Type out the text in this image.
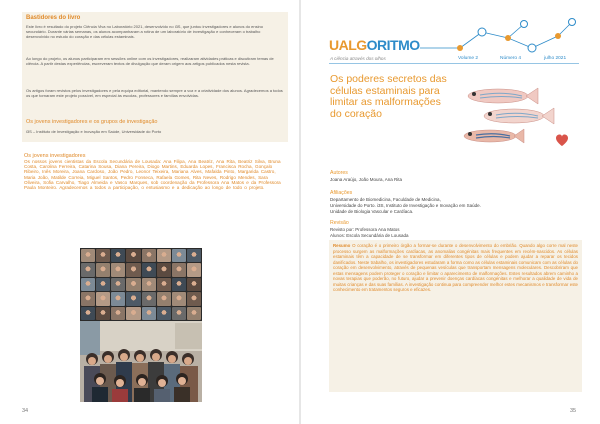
Bastidores do livro
Este livro é resultado do projeto Ciência Viva no Laboratório 2021, desenvolvido no i3S, que juntou investigadores e alunos do ensino secundário. Durante várias semanas, os alunos acompanharam a rotina de um laboratório de investigação e conheceram o trabalho desenvolvido no estudo do coração e das células estaminais.
Ao longo do projeto, os alunos participaram em sessões online com os investigadores, realizaram atividades práticas e discutiram temas de ciência. A partir destas experiências, escreveram textos de divulgação que deram origem aos artigos publicados nesta revista.
Os artigos foram revistos pelos investigadores e pela equipa editorial, mantendo sempre a voz e a criatividade dos alunos. Agradecemos a todos os que tornaram este projeto possível, em especial às escolas, professores e famílias envolvidas.
Os jovens investigadores e os grupos de investigação
i3S – Instituto de Investigação e Inovação em Saúde, Universidade do Porto
Os jovens investigadores
Os nossos jovens cientistas da Escola Secundária de Lousada: Ana Filipa, Ana Beatriz, Ana Rita, Beatriz Silva, Bruna Costa, Carolina Ferreira, Catarina Sousa, Diana Pereira, Diogo Martins, Eduarda Lopes, Francisca Rocha, Gonçalo Ribeiro, Inês Moreira, Joana Cardoso, João Pedro, Leonor Teixeira, Mariana Alves, Mafalda Pinto, Margarida Castro, Maria João, Matilde Correia, Miguel Santos, Pedro Fonseca, Rafaela Gomes, Rita Neves, Rodrigo Mendes, Sara Oliveira, Sofia Carvalho, Tiago Almeida e Vasco Marques, sob coordenação da Professora Ana Matos e da Professora Paula Monteiro. Agradecemos a todos a participação, o entusiasmo e a dedicação ao longo de todo o projeto.
34
UALG ORITMO
A ciência através dos olhos	Volume 2	Número 4	julho 2021
Os poderes secretos das células estaminais para limitar as malformações do coração
Autores
Joana Araújo, João Moura, Ana Rita
Afiliações
Departamento de Biomedicina, Faculdade de Medicina,
Universidade do Porto. i3S, Instituto de Investigação e Inovação em Saúde.
Unidade de Biologia Vascular e Cardíaca.
Revisão
Revisto por: Professora Ana Matos
Alunos: Escola Secundária de Lousada
Resumo O coração é o primeiro órgão a formar-se durante o desenvolvimento do embrião. Quando algo corre mal neste processo surgem as malformações cardíacas, as anomalias congénitas mais frequentes em recém-nascidos. As células estaminais têm a capacidade de se transformar em diferentes tipos de células e podem ajudar a reparar os tecidos danificados. Neste trabalho, os investigadores estudaram a forma como as células estaminais comunicam com as células do coração em desenvolvimento, através de pequenas vesículas que transportam mensagens moleculares. Descobriram que estas mensagens podem proteger o coração e limitar o aparecimento de malformações. Estes resultados abrem caminho a novas terapias que poderão, no futuro, ajudar a prevenir doenças cardíacas congénitas e melhorar a qualidade de vida de muitas crianças e das suas famílias. A investigação continua para compreender melhor estes mecanismos e transformar este conhecimento em tratamentos seguros e eficazes.
35
